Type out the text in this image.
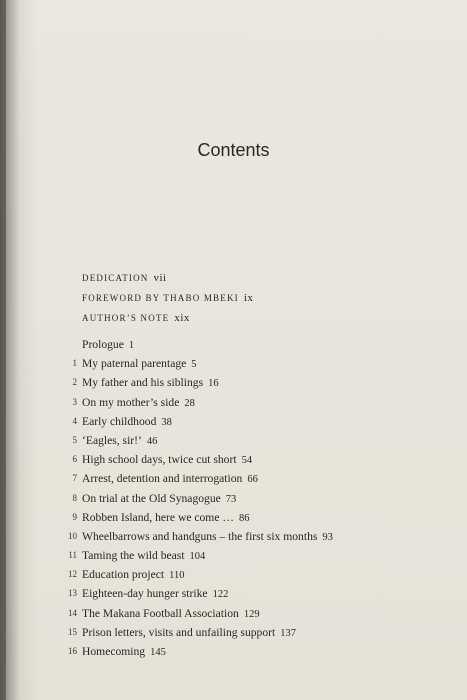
Contents
DEDICATION vii
FOREWORD BY THABO MBEKI ix
AUTHOR’S NOTE xix
Prologue 1
1 My paternal parentage 5
2 My father and his siblings 16
3 On my mother’s side 28
4 Early childhood 38
5 ‘Eagles, sir!’ 46
6 High school days, twice cut short 54
7 Arrest, detention and interrogation 66
8 On trial at the Old Synagogue 73
9 Robben Island, here we come … 86
10 Wheelbarrows and handguns – the first six months 93
11 Taming the wild beast 104
12 Education project 110
13 Eighteen-day hunger strike 122
14 The Makana Football Association 129
15 Prison letters, visits and unfailing support 137
16 Homecoming 145
